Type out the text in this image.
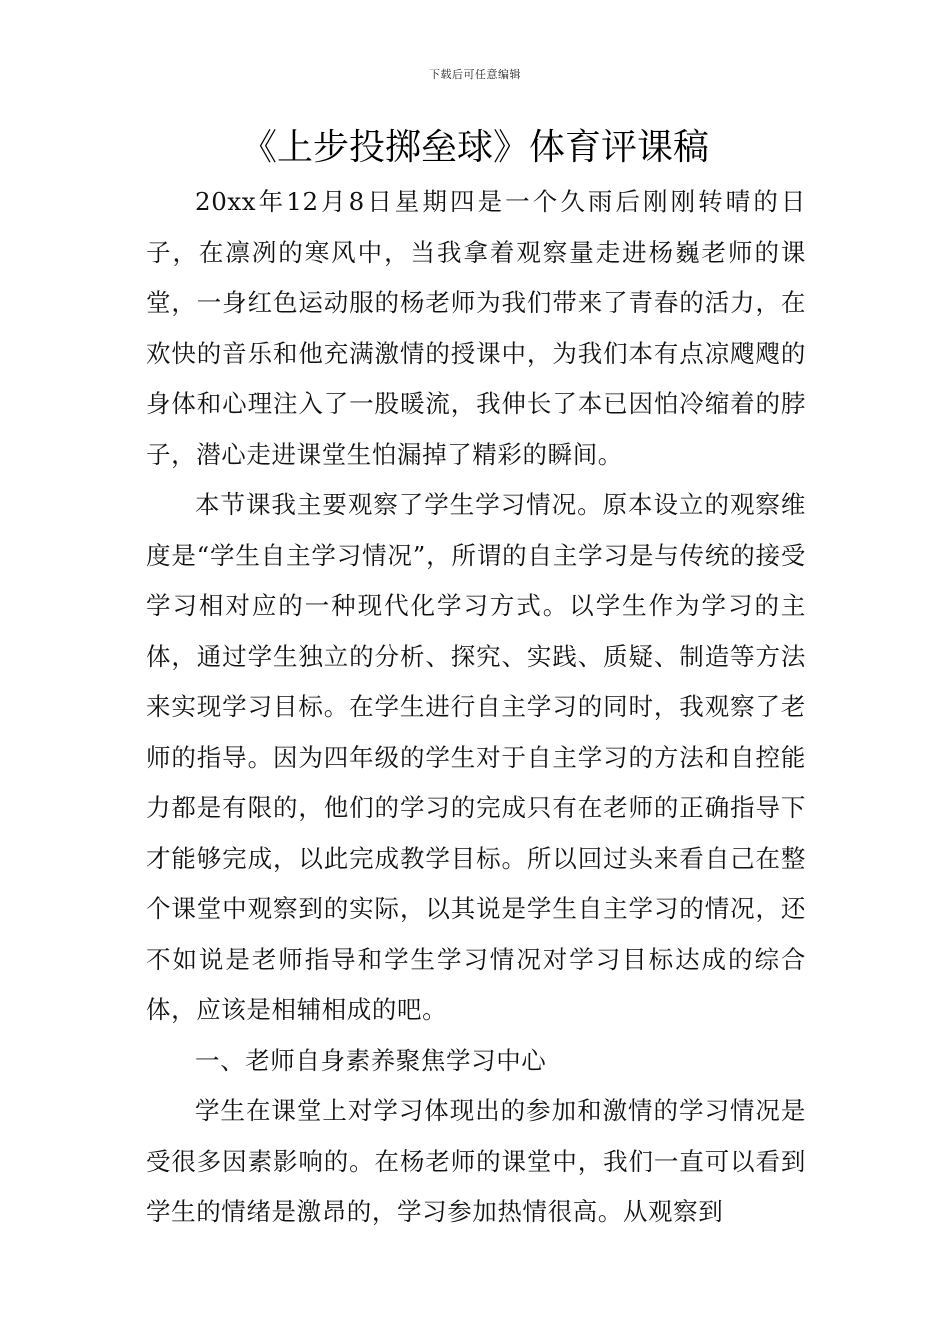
下载后可任意编辑
《上步投掷垒球》体育评课稿

20xx年12月8日星期四是一个久雨后刚刚转晴的日子，在凛冽的寒风中，当我拿着观察量走进杨巍老师的课堂，一身红色运动服的杨老师为我们带来了青春的活力，在欢快的音乐和他充满激情的授课中，为我们本有点凉飕飕的身体和心理注入了一股暖流，我伸长了本已因怕冷缩着的脖子，潜心走进课堂生怕漏掉了精彩的瞬间。

本节课我主要观察了学生学习情况。原本设立的观察维度是“学生自主学习情况”，所谓的自主学习是与传统的接受学习相对应的一种现代化学习方式。以学生作为学习的主体，通过学生独立的分析、探究、实践、质疑、制造等方法来实现学习目标。在学生进行自主学习的同时，我观察了老师的指导。因为四年级的学生对于自主学习的方法和自控能力都是有限的，他们的学习的完成只有在老师的正确指导下才能够完成，以此完成教学目标。所以回过头来看自己在整个课堂中观察到的实际，以其说是学生自主学习的情况，还不如说是老师指导和学生学习情况对学习目标达成的综合体，应该是相辅相成的吧。

一、老师自身素养聚焦学习中心

学生在课堂上对学习体现出的参加和激情的学习情况是受很多因素影响的。在杨老师的课堂中，我们一直可以看到学生的情绪是激昂的，学习参加热情很高。从观察到
